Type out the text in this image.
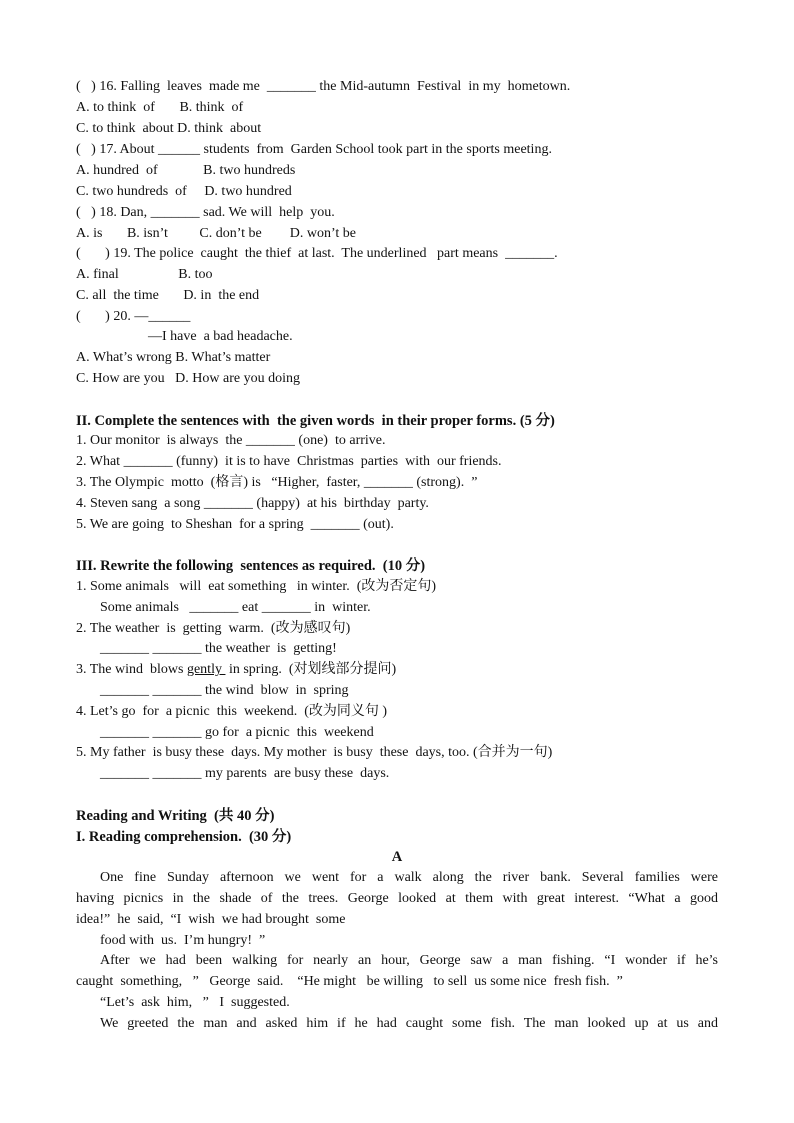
(   ) 16. Falling  leaves  made me  _______ the Mid-autumn  Festival  in my  hometown.
A. to think  of       B. think  of
C. to think  about D. think  about
(   ) 17. About ______ students  from  Garden School took part in the sports meeting.
A. hundred  of             B. two hundreds
C. two hundreds  of     D. two hundred
(   ) 18. Dan, _______ sad. We will  help  you.
A. is       B. isn’t         C. don’t be        D. won’t be
(       ) 19. The police  caught  the thief  at last.  The underlined   part means  _______.
A. final                 B. too
C. all  the time       D. in  the end
(       ) 20. —______
—I have  a bad headache.
A. What’s wrong B. What’s matter
C. How are you   D. How are you doing
II. Complete the sentences with  the given words  in their proper forms. (5 分)
1. Our monitor  is always  the _______ (one)  to arrive.
2. What _______ (funny)  it is to have  Christmas  parties  with  our friends.
3. The Olympic  motto  (格言) is   “Higher,  faster, _______ (strong).  ”
4. Steven sang  a song _______ (happy)  at his  birthday  party.
5. We are going  to Sheshan  for a spring  _______ (out).
III. Rewrite the following  sentences as required.  (10 分)
1. Some animals   will  eat something   in winter.  (改为否定句)
Some animals   _______ eat _______ in  winter.
2. The weather  is  getting  warm.  (改为感叹句)
_______ _______ the weather  is  getting!
3. The wind  blows gently  in spring.  (对划线部分提问)
_______ _______ the wind  blow  in  spring
4. Let’s go  for  a picnic  this  weekend.  (改为同义句 )
_______ _______ go for  a picnic  this  weekend
5. My father  is busy these  days. My mother  is busy  these  days, too. (合并为一句)
_______ _______ my parents  are busy these  days.
Reading and Writing  (共 40 分)
I. Reading comprehension.  (30 分)
A
One fine Sunday afternoon we went for a walk along the river bank. Several families were
having picnics in the shade of the trees. George looked at them with great interest. “What a good
idea!”  he  said,  “I  wish  we had brought  some
food with  us.  I’m hungry!  ”
After we had been walking for nearly an hour, George saw a man fishing. “I wonder if he’s
caught  something,   ”   George  said.    “He might   be willing   to sell  us some nice  fresh fish.  ”
“Let’s  ask  him,   ”   I  suggested.
We greeted the man and asked him if he had caught some fish. The man looked up at us and
